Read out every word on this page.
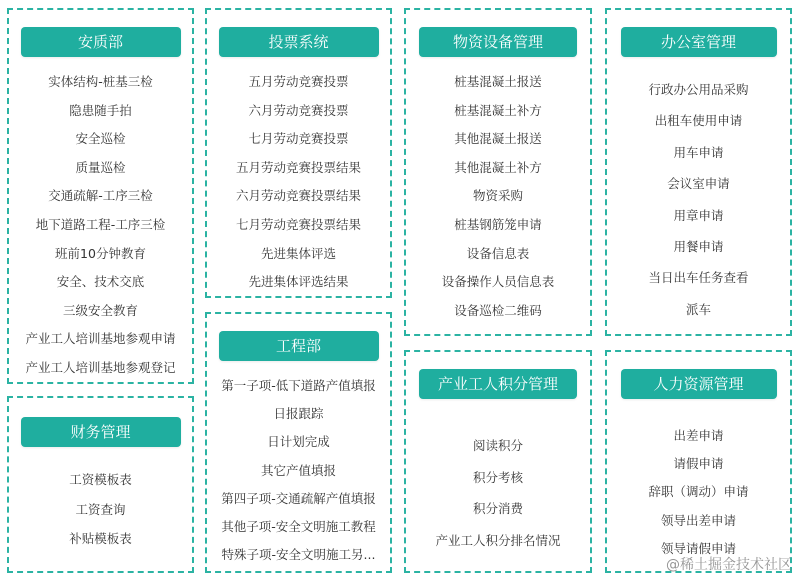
安质部
实体结构-桩基三检
隐患随手拍
安全巡检
质量巡检
交通疏解-工序三检
地下道路工程-工序三检
班前10分钟教育
安全、技术交底
三级安全教育
产业工人培训基地参观申请
产业工人培训基地参观登记
投票系统
五月劳动竞赛投票
六月劳动竞赛投票
七月劳动竞赛投票
五月劳动竞赛投票结果
六月劳动竞赛投票结果
七月劳动竞赛投票结果
先进集体评选
先进集体评选结果
物资设备管理
桩基混凝土报送
桩基混凝土补方
其他混凝土报送
其他混凝土补方
物资采购
桩基钢筋笼申请
设备信息表
设备操作人员信息表
设备巡检二维码
办公室管理
行政办公用品采购
出租车使用申请
用车申请
会议室申请
用章申请
用餐申请
当日出车任务查看
派车
财务管理
工资模板表
工资查询
补贴模板表
工程部
第一子项-低下道路产值填报
日报跟踪
日计划完成
其它产值填报
第四子项-交通疏解产值填报
其他子项-安全文明施工教程
特殊子项-安全文明施工另...
产业工人积分管理
阅读积分
积分考核
积分消费
产业工人积分排名情况
人力资源管理
出差申请
请假申请
辞职（调动）申请
领导出差申请
领导请假申请
@稀土掘金技术社区
